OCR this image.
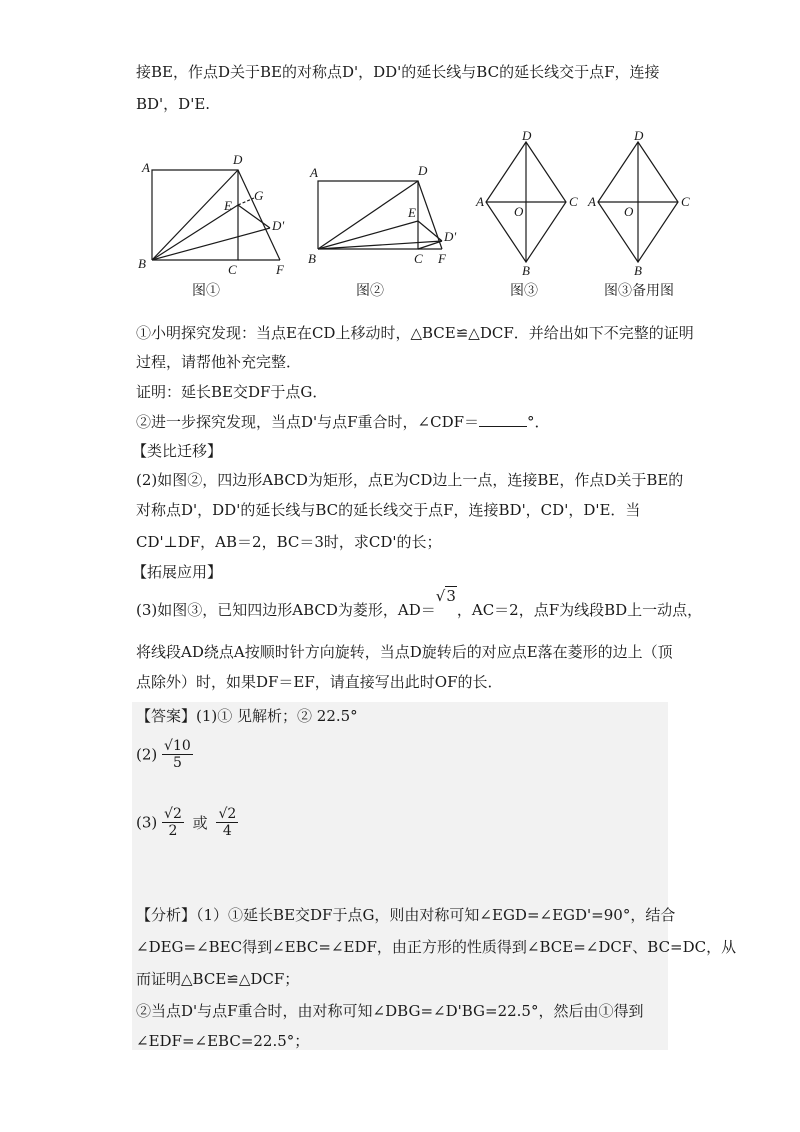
接BE，作点D关于BE的对称点D'，DD'的延长线与BC的延长线交于点F，连接
BD'，D'E.
A
D
G
E
D'
B	C	F
图①
A	D
E
D'
B	C F
图②
D
A
O
C
B
图③
D
A
O
C
B
图③备用图
①小明探究发现：当点E在CD上移动时，△BCE≌△DCF．并给出如下不完整的证明
过程，请帮他补充完整．
证明：延长BE交DF于点G．
②进一步探究发现，当点D'与点F重合时，∠CDF＝	°．
【类比迁移】
(2)如图②，四边形ABCD为矩形，点E为CD边上一点，连接BE，作点D关于BE的
对称点D'，DD'的延长线与BC的延长线交于点F，连接BD'，CD'，D'E．当
CD'⊥DF，AB＝2，BC＝3时，求CD'的长；
【拓展应用】
(3)如图③，已知四边形ABCD为菱形，AD＝√3，AC＝2，点F为线段BD上一动点，
将线段AD绕点A按顺时针方向旋转，当点D旋转后的对应点E落在菱形的边上（顶
点除外）时，如果DF＝EF，请直接写出此时OF的长．
【答案】(1)① 见解析；② 22.5°
$(2) \frac{√10}{5}$
$(3) \frac{√2}{2}$ 或 $\frac{√2}{4}$
【分析】（1）①延长BE交DF于点G，则由对称可知∠EGD=∠EGD'=90°，结合
∠DEG=∠BEC得到∠EBC=∠EDF，由正方形的性质得到∠BCE=∠DCF、BC=DC，从
而证明△BCE≌△DCF；
②当点D'与点F重合时，由对称可知∠DBG=∠D'BG=22.5°，然后由①得到
∠EDF=∠EBC=22.5°；
